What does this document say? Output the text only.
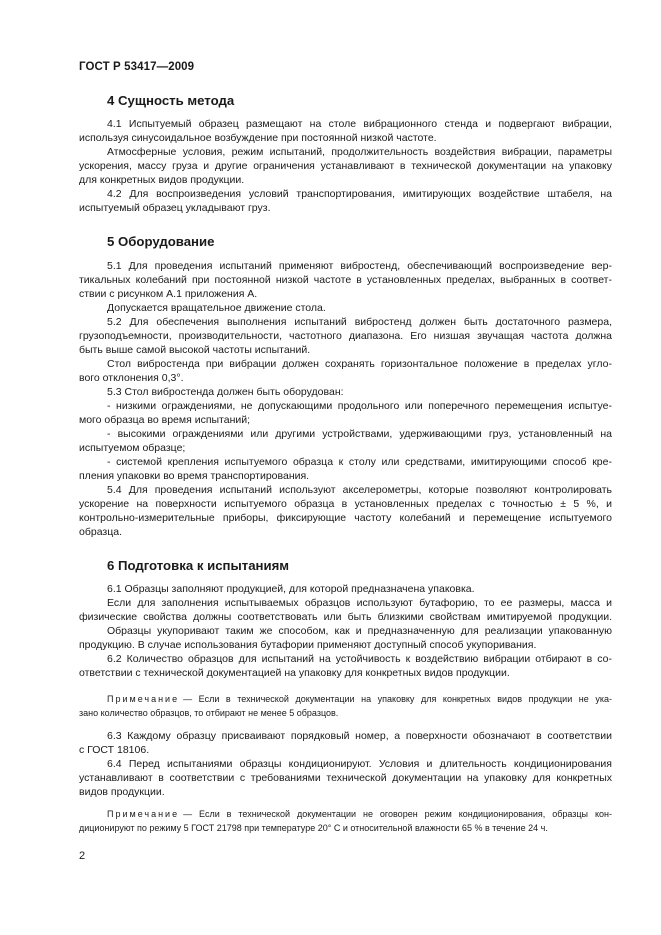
ГОСТ Р 53417—2009
4 Сущность метода
4.1 Испытуемый образец размещают на столе вибрационного стенда и подвергают вибрации,
используя синусоидальное возбуждение при постоянной низкой частоте.
Атмосферные условия, режим испытаний, продолжительность воздействия вибрации, параметры
ускорения, массу груза и другие ограничения устанавливают в технической документации на упаковку
для конкретных видов продукции.
4.2 Для воспроизведения условий транспортирования, имитирующих воздействие штабеля, на
испытуемый образец укладывают груз.
5 Оборудование
5.1 Для проведения испытаний применяют вибростенд, обеспечивающий воспроизведение вер-
тикальных колебаний при постоянной низкой частоте в установленных пределах, выбранных в соответ-
ствии с рисунком А.1 приложения А.
Допускается вращательное движение стола.
5.2 Для обеспечения выполнения испытаний вибростенд должен быть достаточного размера,
грузоподъемности, производительности, частотного диапазона. Его низшая звучащая частота должна
быть выше самой высокой частоты испытаний.
Стол вибростенда при вибрации должен сохранять горизонтальное положение в пределах угло-
вого отклонения 0,3°.
5.3 Стол вибростенда должен быть оборудован:
- низкими ограждениями, не допускающими продольного или поперечного перемещения испытуе-
мого образца во время испытаний;
- высокими ограждениями или другими устройствами, удерживающими груз, установленный на
испытуемом образце;
- системой крепления испытуемого образца к столу или средствами, имитирующими способ кре-
пления упаковки во время транспортирования.
5.4 Для проведения испытаний используют акселерометры, которые позволяют контролировать
ускорение на поверхности испытуемого образца в установленных пределах с точностью ± 5 %, и
контрольно-измерительные приборы, фиксирующие частоту колебаний и перемещение испытуемого
образца.
6 Подготовка к испытаниям
6.1 Образцы заполняют продукцией, для которой предназначена упаковка.
Если для заполнения испытываемых образцов используют бутафорию, то ее размеры, масса и
физические свойства должны соответствовать или быть близкими свойствам имитируемой продукции.
Образцы укупоривают таким же способом, как и предназначенную для реализации упакованную
продукцию. В случае использования бутафории применяют доступный способ укупоривания.
6.2 Количество образцов для испытаний на устойчивость к воздействию вибрации отбирают в со-
ответствии с технической документацией на упаковку для конкретных видов продукции.
Примечание — Если в технической документации на упаковку для конкретных видов продукции не ука-
зано количество образцов, то отбирают не менее 5 образцов.
6.3 Каждому образцу присваивают порядковый номер, а поверхности обозначают в соответствии
с ГОСТ 18106.
6.4 Перед испытаниями образцы кондиционируют. Условия и длительность кондиционирования
устанавливают в соответствии с требованиями технической документации на упаковку для конкретных
видов продукции.
Примечание — Если в технической документации не оговорен режим кондиционирования, образцы кон-
диционируют по режиму 5 ГОСТ 21798 при температуре 20° С и относительной влажности 65 % в течение 24 ч.
2
